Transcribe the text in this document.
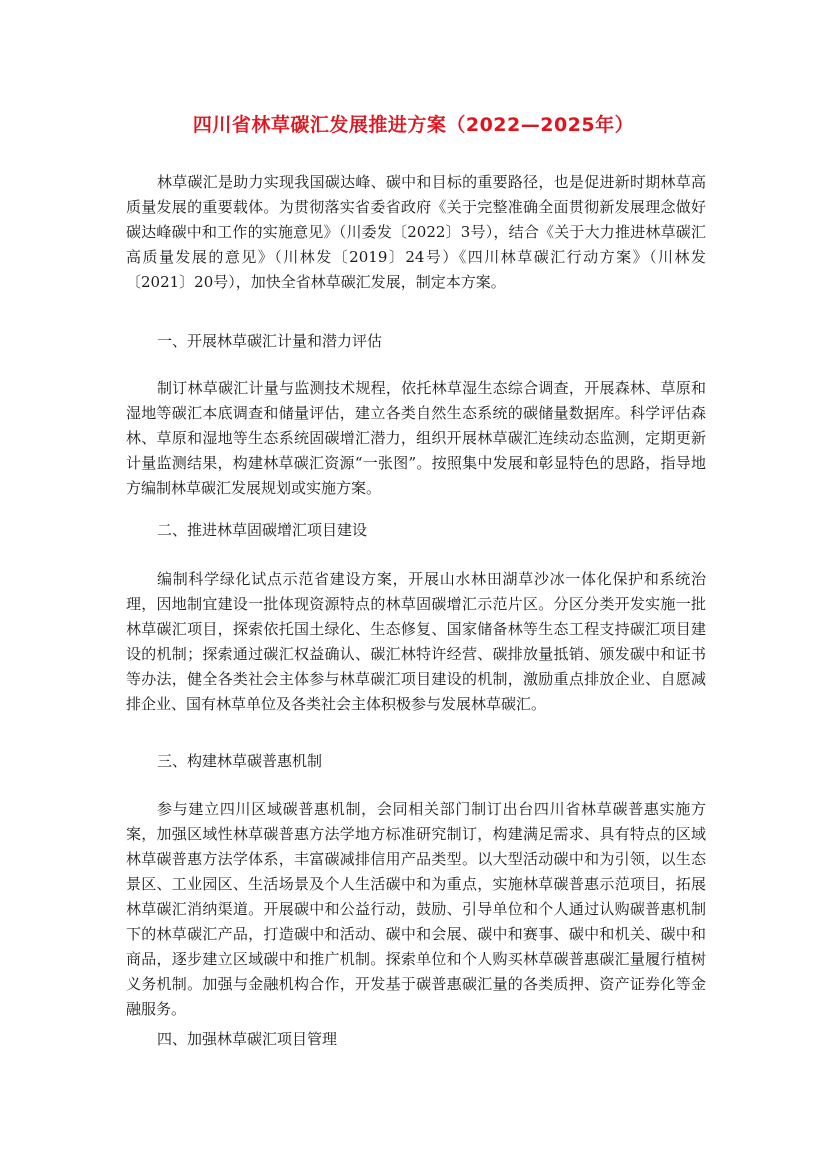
四川省林草碳汇发展推进方案（2022—2025年）

林草碳汇是助力实现我国碳达峰、碳中和目标的重要路径，也是促进新时期林草高质量发展的重要载体。为贯彻落实省委省政府《关于完整准确全面贯彻新发展理念做好碳达峰碳中和工作的实施意见》（川委发〔2022〕3号），结合《关于大力推进林草碳汇高质量发展的意见》（川林发〔2019〕24号）《四川林草碳汇行动方案》（川林发〔2021〕20号），加快全省林草碳汇发展，制定本方案。

一、开展林草碳汇计量和潜力评估

制订林草碳汇计量与监测技术规程，依托林草湿生态综合调查，开展森林、草原和湿地等碳汇本底调查和储量评估，建立各类自然生态系统的碳储量数据库。科学评估森林、草原和湿地等生态系统固碳增汇潜力，组织开展林草碳汇连续动态监测，定期更新计量监测结果，构建林草碳汇资源“一张图”。按照集中发展和彰显特色的思路，指导地方编制林草碳汇发展规划或实施方案。

二、推进林草固碳增汇项目建设

编制科学绿化试点示范省建设方案，开展山水林田湖草沙冰一体化保护和系统治理，因地制宜建设一批体现资源特点的林草固碳增汇示范片区。分区分类开发实施一批林草碳汇项目，探索依托国土绿化、生态修复、国家储备林等生态工程支持碳汇项目建设的机制；探索通过碳汇权益确认、碳汇林特许经营、碳排放量抵销、颁发碳中和证书等办法，健全各类社会主体参与林草碳汇项目建设的机制，激励重点排放企业、自愿减排企业、国有林草单位及各类社会主体积极参与发展林草碳汇。

三、构建林草碳普惠机制

参与建立四川区域碳普惠机制，会同相关部门制订出台四川省林草碳普惠实施方案，加强区域性林草碳普惠方法学地方标准研究制订，构建满足需求、具有特点的区域林草碳普惠方法学体系，丰富碳减排信用产品类型。以大型活动碳中和为引领，以生态景区、工业园区、生活场景及个人生活碳中和为重点，实施林草碳普惠示范项目，拓展林草碳汇消纳渠道。开展碳中和公益行动，鼓励、引导单位和个人通过认购碳普惠机制下的林草碳汇产品，打造碳中和活动、碳中和会展、碳中和赛事、碳中和机关、碳中和商品，逐步建立区域碳中和推广机制。探索单位和个人购买林草碳普惠碳汇量履行植树义务机制。加强与金融机构合作，开发基于碳普惠碳汇量的各类质押、资产证券化等金融服务。

四、加强林草碳汇项目管理
